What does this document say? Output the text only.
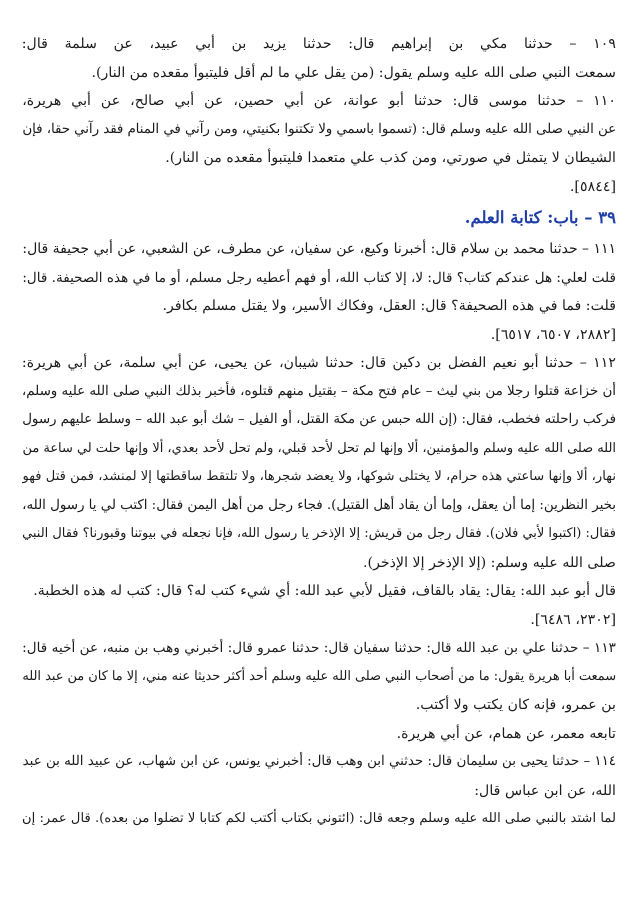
١٠٩ – حدثنا مكي بن إبراهيم قال: حدثنا يزيد بن أبي عبيد، عن سلمة قال:
سمعت النبي صلى الله عليه وسلم يقول: (من يقل علي ما لم أقل فليتبوأ مقعده من النار).
١١٠ – حدثنا موسى قال: حدثنا أبو عوانة، عن أبي حصين، عن أبي صالح، عن أبي هريرة،
عن النبي صلى الله عليه وسلم قال: (تسموا باسمي ولا تكتنوا بكنيتي، ومن رآني في المنام فقد رآني حقا، فإن
الشيطان لا يتمثل في صورتي، ومن كذب علي متعمدا فليتبوأ مقعده من النار).
[٥٨٤٤].
٣٩ – باب: كتابة العلم.
١١١ – حدثنا محمد بن سلام قال: أخبرنا وكيع، عن سفيان، عن مطرف، عن الشعبي، عن أبي جحيفة قال:
قلت لعلي: هل عندكم كتاب؟ قال: لا، إلا كتاب الله، أو فهم أعطيه رجل مسلم، أو ما في هذه الصحيفة. قال:
قلت: فما في هذه الصحيفة؟ قال: العقل، وفكاك الأسير، ولا يقتل مسلم بكافر.
[٢٨٨٢، ٦٥٠٧، ٦٥١٧].
١١٢ – حدثنا أبو نعيم الفضل بن دكين قال: حدثنا شيبان، عن يحيى، عن أبي سلمة، عن أبي هريرة:
أن خزاعة قتلوا رجلا من بني ليث – عام فتح مكة – بقتيل منهم قتلوه، فأخبر بذلك النبي صلى الله عليه وسلم،
فركب راحلته فخطب، فقال: (إن الله حبس عن مكة القتل، أو الفيل – شك أبو عبد الله – وسلط عليهم رسول
الله صلى الله عليه وسلم والمؤمنين، ألا وإنها لم تحل لأحد قبلي، ولم تحل لأحد بعدي، ألا وإنها حلت لي ساعة من
نهار، ألا وإنها ساعتي هذه حرام، لا يختلى شوكها، ولا يعضد شجرها، ولا تلتقط ساقطتها إلا لمنشد، فمن قتل فهو
بخير النظرين: إما أن يعقل، وإما أن يقاد أهل القتيل). فجاء رجل من أهل اليمن فقال: اكتب لي يا رسول الله،
فقال: (اكتبوا لأبي فلان). فقال رجل من قريش: إلا الإذخر يا رسول الله، فإنا نجعله في بيوتنا وقبورنا؟ فقال النبي
صلى الله عليه وسلم: (إلا الإذخر إلا الإذخر).
قال أبو عبد الله: يقال: يقاد بالقاف، فقيل لأبي عبد الله: أي شيء كتب له؟ قال: كتب له هذه الخطبة.
[٢٣٠٢، ٦٤٨٦].
١١٣ – حدثنا علي بن عبد الله قال: حدثنا سفيان قال: حدثنا عمرو قال: أخبرني وهب بن منبه، عن أخيه قال:
سمعت أبا هريرة يقول: ما من أصحاب النبي صلى الله عليه وسلم أحد أكثر حديثا عنه مني، إلا ما كان من عبد الله
بن عمرو، فإنه كان يكتب ولا أكتب.
تابعه معمر، عن همام، عن أبي هريرة.
١١٤ – حدثنا يحيى بن سليمان قال: حدثني ابن وهب قال: أخبرني يونس، عن ابن شهاب، عن عبيد الله بن عبد
الله، عن ابن عباس قال:
لما اشتد بالنبي صلى الله عليه وسلم وجعه قال: (ائتوني بكتاب أكتب لكم كتابا لا تضلوا من بعده). قال عمر: إن
